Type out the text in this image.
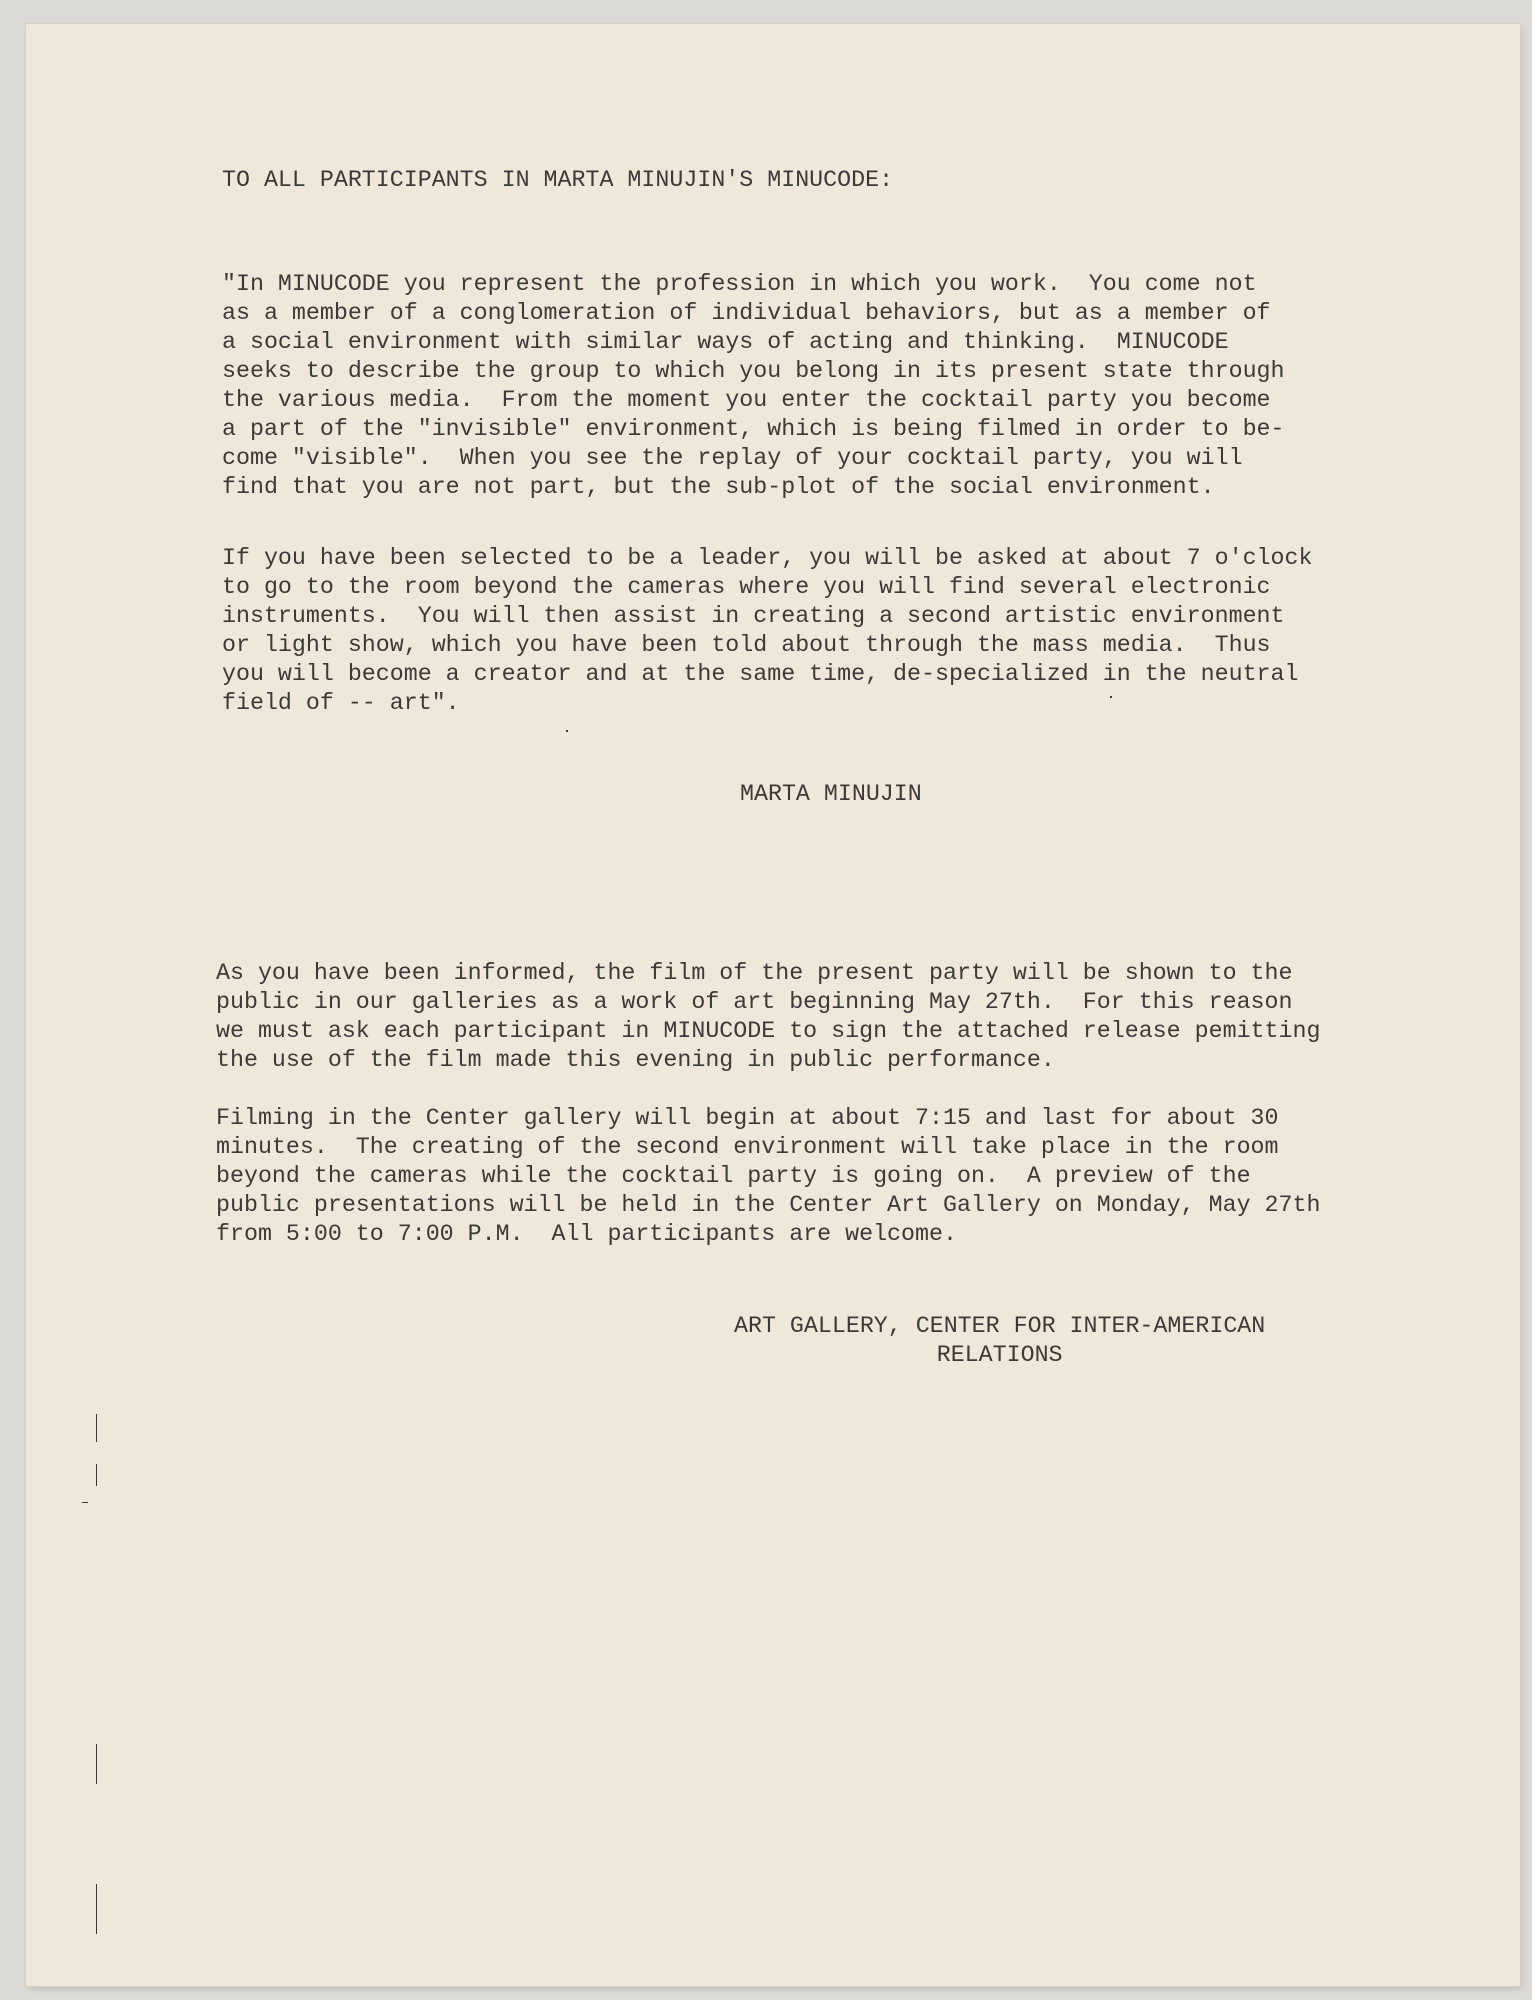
TO ALL PARTICIPANTS IN MARTA MINUJIN'S MINUCODE:

"In MINUCODE you represent the profession in which you work.  You come not
as a member of a conglomeration of individual behaviors, but as a member of
a social environment with similar ways of acting and thinking.  MINUCODE
seeks to describe the group to which you belong in its present state through
the various media.  From the moment you enter the cocktail party you become
a part of the "invisible" environment, which is being filmed in order to be-
come "visible".  When you see the replay of your cocktail party, you will
find that you are not part, but the sub-plot of the social environment.

If you have been selected to be a leader, you will be asked at about 7 o'clock
to go to the room beyond the cameras where you will find several electronic
instruments.  You will then assist in creating a second artistic environment
or light show, which you have been told about through the mass media.  Thus
you will become a creator and at the same time, de-specialized in the neutral
field of -- art".

MARTA MINUJIN

As you have been informed, the film of the present party will be shown to the
public in our galleries as a work of art beginning May 27th.  For this reason
we must ask each participant in MINUCODE to sign the attached release pemitting
the use of the film made this evening in public performance.

Filming in the Center gallery will begin at about 7:15 and last for about 30
minutes.  The creating of the second environment will take place in the room
beyond the cameras while the cocktail party is going on.  A preview of the
public presentations will be held in the Center Art Gallery on Monday, May 27th
from 5:00 to 7:00 P.M.  All participants are welcome.

ART GALLERY, CENTER FOR INTER-AMERICAN
RELATIONS
